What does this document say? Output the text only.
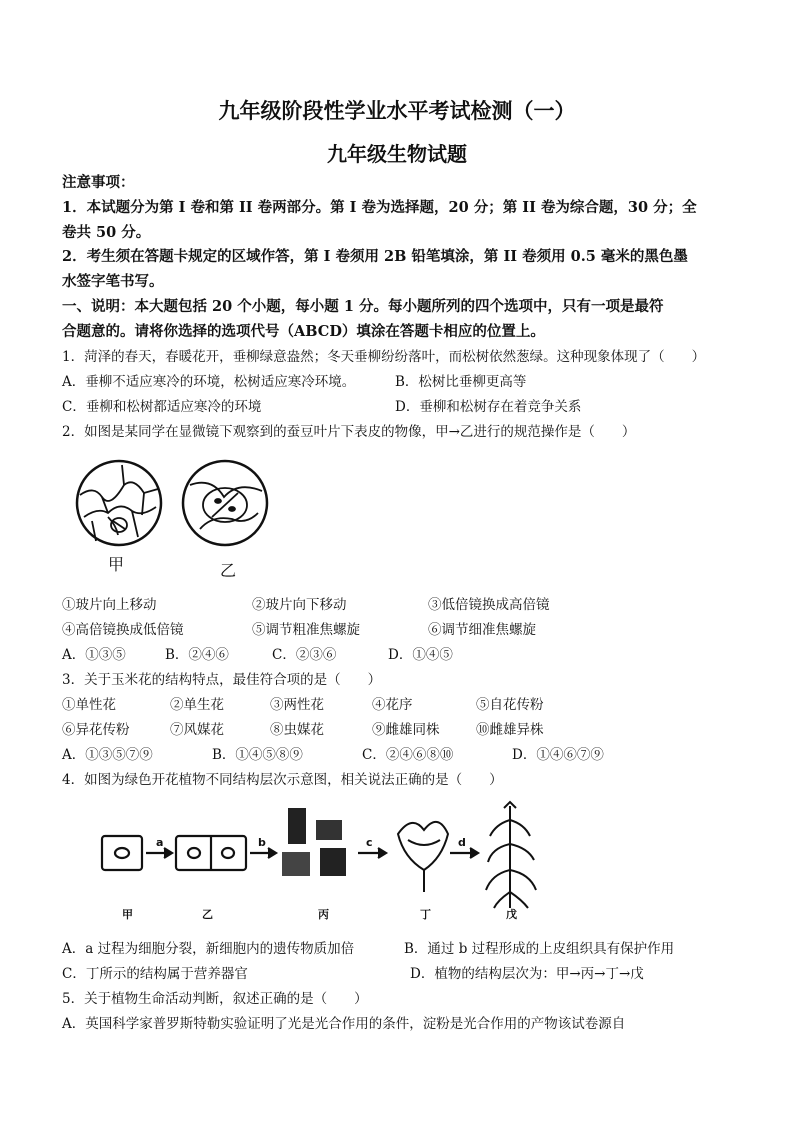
九年级阶段性学业水平考试检测（一）
九年级生物试题
注意事项：
1．本试题分为第 I 卷和第 II 卷两部分。第 I 卷为选择题，20 分；第 II 卷为综合题，30 分；全
卷共 50 分。
2．考生须在答题卡规定的区域作答，第 I 卷须用 2B 铅笔填涂，第 II 卷须用 0.5 毫米的黑色墨
水签字笔书写。
一、说明：本大题包括 20 个小题，每小题 1 分。每小题所列的四个选项中，只有一项是最符
合题意的。请将你选择的选项代号（ABCD）填涂在答题卡相应的位置上。
1．菏泽的春天，春暖花开，垂柳绿意盎然；冬天垂柳纷纷落叶，而松树依然葱绿。这种现象体现了（　　）
A．垂柳不适应寒冷的环境，松树适应寒冷环境。	B．松树比垂柳更高等
C．垂柳和松树都适应寒冷的环境	D．垂柳和松树存在着竞争关系
2．如图是某同学在显微镜下观察到的蚕豆叶片下表皮的物像，甲→乙进行的规范操作是（　　）
甲	乙
①玻片向上移动	②玻片向下移动	③低倍镜换成高倍镜
④高倍镜换成低倍镜	⑤调节粗准焦螺旋	⑥调节细准焦螺旋
A．①③⑤	B．②④⑥	C．②③⑥	D．①④⑤
3．关于玉米花的结构特点，最佳符合项的是（　　）
①单性花	②单生花	③两性花	④花序	⑤自花传粉
⑥异花传粉	⑦风媒花	⑧虫媒花	⑨雌雄同株	⑩雌雄异株
A．①③⑤⑦⑨	B．①④⑤⑧⑨	C．②④⑥⑧⑩	D．①④⑥⑦⑨
4．如图为绿色开花植物不同结构层次示意图，相关说法正确的是（　　）
甲	乙	丙	丁	戊
a	b	c	d
A．a 过程为细胞分裂，新细胞内的遗传物质加倍	B．通过 b 过程形成的上皮组织具有保护作用
C．丁所示的结构属于营养器官	D．植物的结构层次为：甲→丙→丁→戊
5．关于植物生命活动判断，叙述正确的是（　　）
A．英国科学家普罗斯特勒实验证明了光是光合作用的条件，淀粉是光合作用的产物该试卷源自
